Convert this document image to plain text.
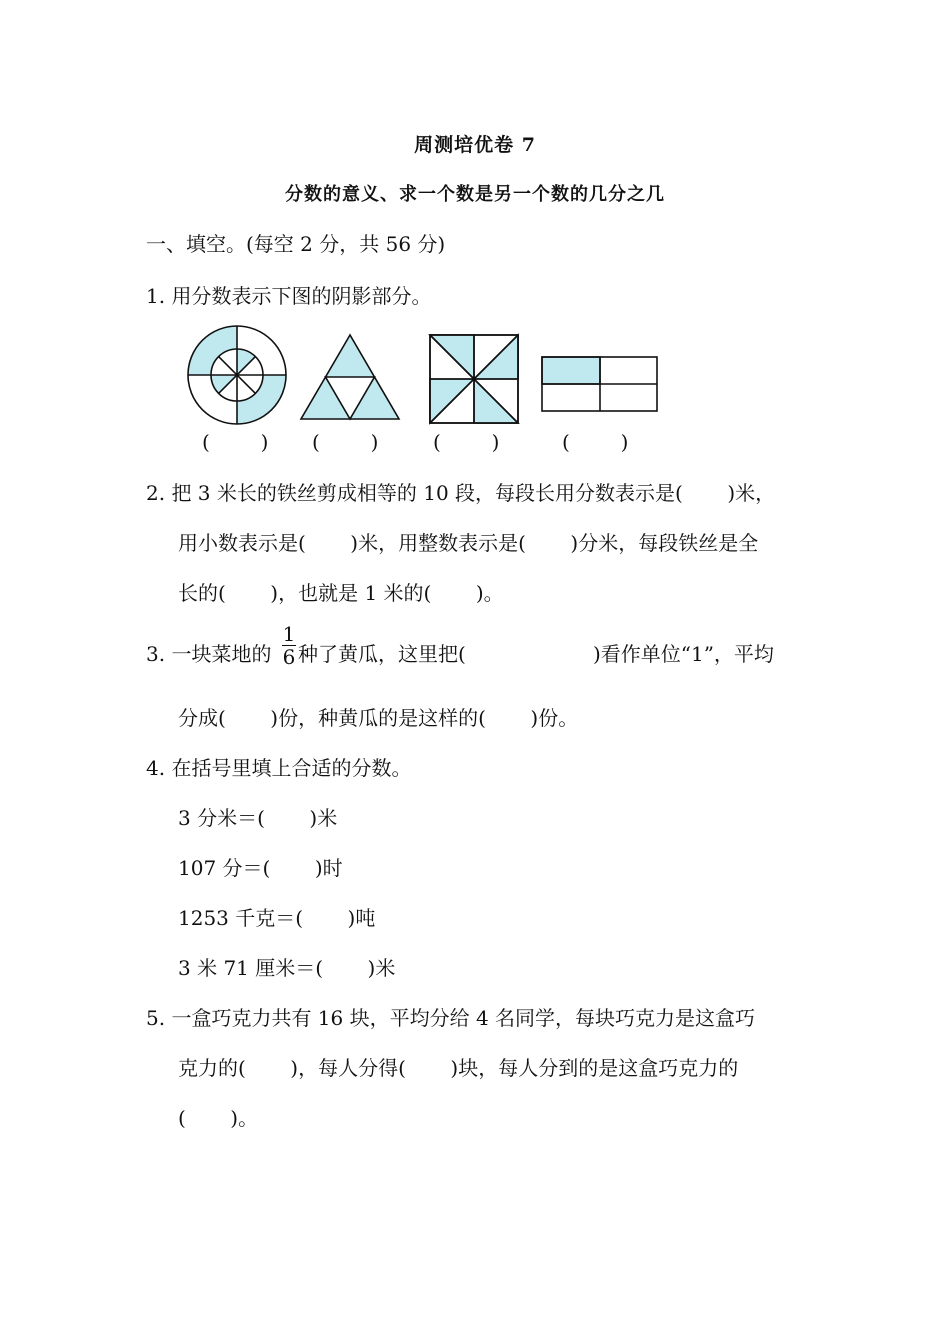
周测培优卷 7
分数的意义、求一个数是另一个数的几分之几
一、填空。(每空 2 分，共 56 分)
1. 用分数表示下图的阴影部分。
(        ) (        )	(        )	(        )
2. 把 3 米长的铁丝剪成相等的 10 段，每段长用分数表示是(       )米，
用小数表示是(       )米，用整数表示是(       )分米，每段铁丝是全
长的(       )，也就是 1 米的(       )。
3. 一块菜地的
1
6 种了黄瓜，这里把(                    )看作单位“1”，平均
分成(       )份，种黄瓜的是这样的(       )份。
4. 在括号里填上合适的分数。
3 分米＝(       )米
107 分＝(       )时
1253 千克＝(       )吨
3 米 71 厘米＝(       )米
5. 一盒巧克力共有 16 块，平均分给 4 名同学，每块巧克力是这盒巧
克力的(       )，每人分得(       )块，每人分到的是这盒巧克力的
(       )。
